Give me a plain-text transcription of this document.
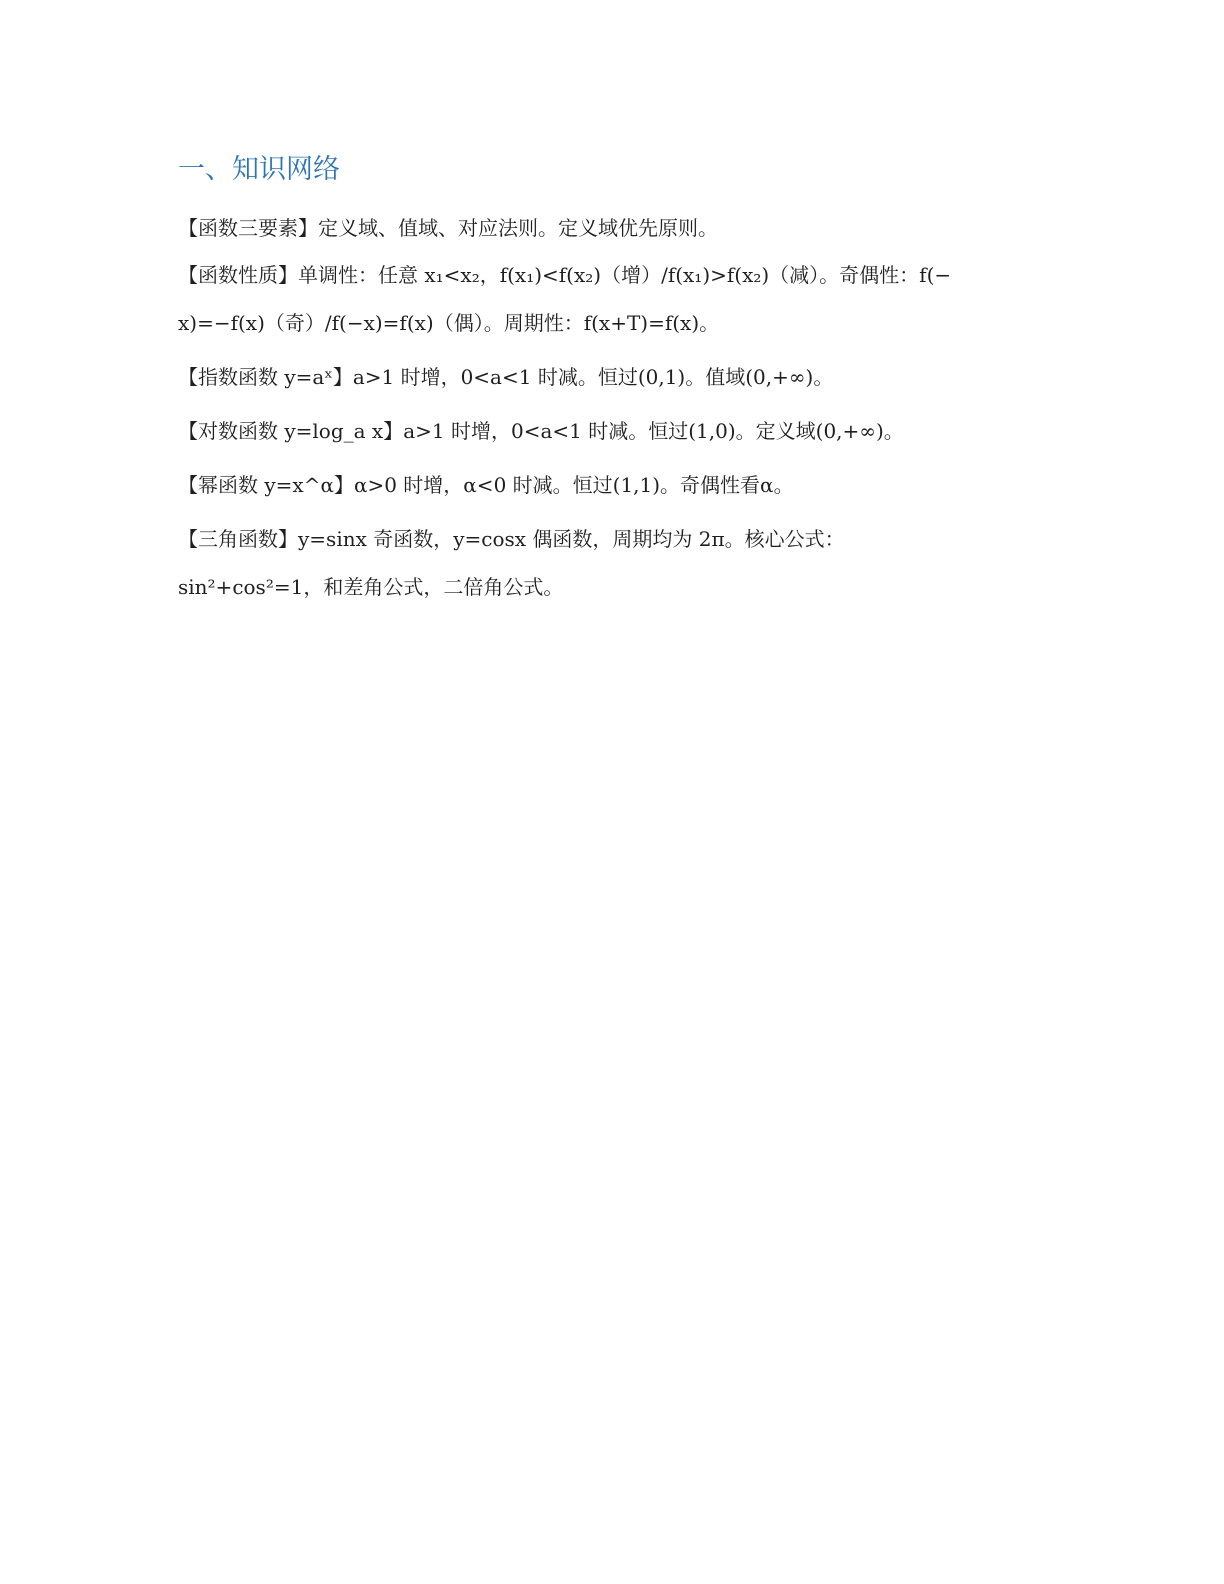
一、知识网络

【函数三要素】定义域、值域、对应法则。定义域优先原则。

【函数性质】单调性：任意 x₁<x₂，f(x₁)<f(x₂)（增）/f(x₁)>f(x₂)（减）。奇偶性：f(−
x)=−f(x)（奇）/f(−x)=f(x)（偶）。周期性：f(x+T)=f(x)。

【指数函数 y=aˣ】a>1 时增，0<a<1 时减。恒过(0,1)。值域(0,+∞)。

【对数函数 y=log_a x】a>1 时增，0<a<1 时减。恒过(1,0)。定义域(0,+∞)。

【幂函数 y=x^α】α>0 时增，α<0 时减。恒过(1,1)。奇偶性看α。

【三角函数】y=sinx 奇函数，y=cosx 偶函数，周期均为 2π。核心公式：
sin²+cos²=1，和差角公式，二倍角公式。
